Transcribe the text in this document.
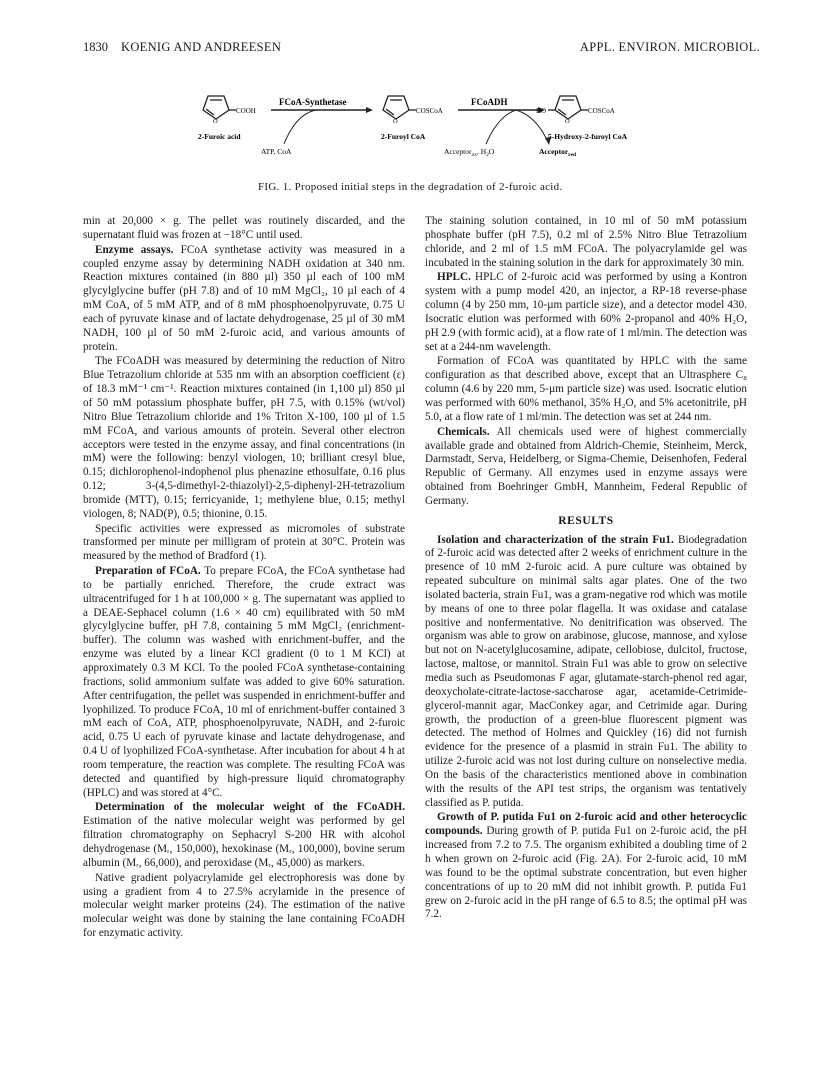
1830 KOENIG AND ANDREESEN	APPL. ENVIRON. MICROBIOL.
O
COOH
2-Furoic acid
FCoA-Synthetase
ATP, CoA
O
COSCoA
2-Furoyl CoA
FCoADH
Acceptor$_{ox}$, $H_2O$
HO
O
COSCoA
5-Hydroxy-2-furoyl CoA
Acceptor$_{red}$
FIG. 1. Proposed initial steps in the degradation of 2-furoic acid.

min at 20,000 × g. The pellet was routinely discarded, and the supernatant fluid was frozen at −18°C until used.

Enzyme assays. FCoA synthetase activity was measured in a coupled enzyme assay by determining NADH oxidation at 340 nm. Reaction mixtures contained (in 880 µl) 350 µl each of 100 mM glycylglycine buffer (pH 7.8) and of 10 mM MgCl₂, 10 µl each of 4 mM CoA, of 5 mM ATP, and of 8 mM phosphoenolpyruvate, 0.75 U each of pyruvate kinase and of lactate dehydrogenase, 25 µl of 30 mM NADH, 100 µl of 50 mM 2-furoic acid, and various amounts of protein.

The FCoADH was measured by determining the reduction of Nitro Blue Tetrazolium chloride at 535 nm with an absorption coefficient (ε) of 18.3 mM⁻¹ cm⁻¹. Reaction mixtures contained (in 1,100 µl) 850 µl of 50 mM potassium phosphate buffer, pH 7.5, with 0.15% (wt/vol) Nitro Blue Tetrazolium chloride and 1% Triton X-100, 100 µl of 1.5 mM FCoA, and various amounts of protein. Several other electron acceptors were tested in the enzyme assay, and final concentrations (in mM) were the following: benzyl viologen, 10; brilliant cresyl blue, 0.15; dichlorophenol-indophenol plus phenazine ethosulfate, 0.16 plus 0.12; 3-(4,5-dimethyl-2-thiazolyl)-2,5-diphenyl-2H-tetrazolium bromide (MTT), 0.15; ferricyanide, 1; methylene blue, 0.15; methyl viologen, 8; NAD(P), 0.5; thionine, 0.15.

Specific activities were expressed as micromoles of substrate transformed per minute per milligram of protein at 30°C. Protein was measured by the method of Bradford (1).

Preparation of FCoA. To prepare FCoA, the FCoA synthetase had to be partially enriched. Therefore, the crude extract was ultracentrifuged for 1 h at 100,000 × g. The supernatant was applied to a DEAE-Sephacel column (1.6 × 40 cm) equilibrated with 50 mM glycylglycine buffer, pH 7.8, containing 5 mM MgCl₂ (enrichment-buffer). The column was washed with enrichment-buffer, and the enzyme was eluted by a linear KCl gradient (0 to 1 M KCl) at approximately 0.3 M KCl. To the pooled FCoA synthetase-containing fractions, solid ammonium sulfate was added to give 60% saturation. After centrifugation, the pellet was suspended in enrichment-buffer and lyophilized. To produce FCoA, 10 ml of enrichment-buffer contained 3 mM each of CoA, ATP, phosphoenolpyruvate, NADH, and 2-furoic acid, 0.75 U each of pyruvate kinase and lactate dehydrogenase, and 0.4 U of lyophilized FCoA-synthetase. After incubation for about 4 h at room temperature, the reaction was complete. The resulting FCoA was detected and quantified by high-pressure liquid chromatography (HPLC) and was stored at 4°C.

Determination of the molecular weight of the FCoADH. Estimation of the native molecular weight was performed by gel filtration chromatography on Sephacryl S-200 HR with alcohol dehydrogenase (Mᵣ, 150,000), hexokinase (Mᵣ, 100,000), bovine serum albumin (Mᵣ, 66,000), and peroxidase (Mᵣ, 45,000) as markers.

Native gradient polyacrylamide gel electrophoresis was done by using a gradient from 4 to 27.5% acrylamide in the presence of molecular weight marker proteins (24). The estimation of the native molecular weight was done by staining the lane containing FCoADH for enzymatic activity.

The staining solution contained, in 10 ml of 50 mM potassium phosphate buffer (pH 7.5), 0.2 ml of 2.5% Nitro Blue Tetrazolium chloride, and 2 ml of 1.5 mM FCoA. The polyacrylamide gel was incubated in the staining solution in the dark for approximately 30 min.

HPLC. HPLC of 2-furoic acid was performed by using a Kontron system with a pump model 420, an injector, a RP-18 reverse-phase column (4 by 250 mm, 10-µm particle size), and a detector model 430. Isocratic elution was performed with 60% 2-propanol and 40% H₂O, pH 2.9 (with formic acid), at a flow rate of 1 ml/min. The detection was set at a 244-nm wavelength.

Formation of FCoA was quantitated by HPLC with the same configuration as that described above, except that an Ultrasphere C₈ column (4.6 by 220 mm, 5-µm particle size) was used. Isocratic elution was performed with 60% methanol, 35% H₂O, and 5% acetonitrile, pH 5.0, at a flow rate of 1 ml/min. The detection was set at 244 nm.

Chemicals. All chemicals used were of highest commercially available grade and obtained from Aldrich-Chemie, Steinheim, Merck, Darmstadt, Serva, Heidelberg, or Sigma-Chemie, Deisenhofen, Federal Republic of Germany. All enzymes used in enzyme assays were obtained from Boehringer GmbH, Mannheim, Federal Republic of Germany.

RESULTS

Isolation and characterization of the strain Fu1. Biodegradation of 2-furoic acid was detected after 2 weeks of enrichment culture in the presence of 10 mM 2-furoic acid. A pure culture was obtained by repeated subculture on minimal salts agar plates. One of the two isolated bacteria, strain Fu1, was a gram-negative rod which was motile by means of one to three polar flagella. It was oxidase and catalase positive and nonfermentative. No denitrification was observed. The organism was able to grow on arabinose, glucose, mannose, and xylose but not on N-acetylglucosamine, adipate, cellobiose, dulcitol, fructose, lactose, maltose, or mannitol. Strain Fu1 was able to grow on selective media such as Pseudomonas F agar, glutamate-starch-phenol red agar, deoxycholate-citrate-lactose-saccharose agar, acetamide-Cetrimide-glycerol-mannit agar, MacConkey agar, and Cetrimide agar. During growth, the production of a green-blue fluorescent pigment was detected. The method of Holmes and Quickley (16) did not furnish evidence for the presence of a plasmid in strain Fu1. The ability to utilize 2-furoic acid was not lost during culture on nonselective media. On the basis of the characteristics mentioned above in combination with the results of the API test strips, the organism was tentatively classified as P. putida.

Growth of P. putida Fu1 on 2-furoic acid and other heterocyclic compounds. During growth of P. putida Fu1 on 2-furoic acid, the pH increased from 7.2 to 7.5. The organism exhibited a doubling time of 2 h when grown on 2-furoic acid (Fig. 2A). For 2-furoic acid, 10 mM was found to be the optimal substrate concentration, but even higher concentrations of up to 20 mM did not inhibit growth. P. putida Fu1 grew on 2-furoic acid in the pH range of 6.5 to 8.5; the optimal pH was 7.2.
